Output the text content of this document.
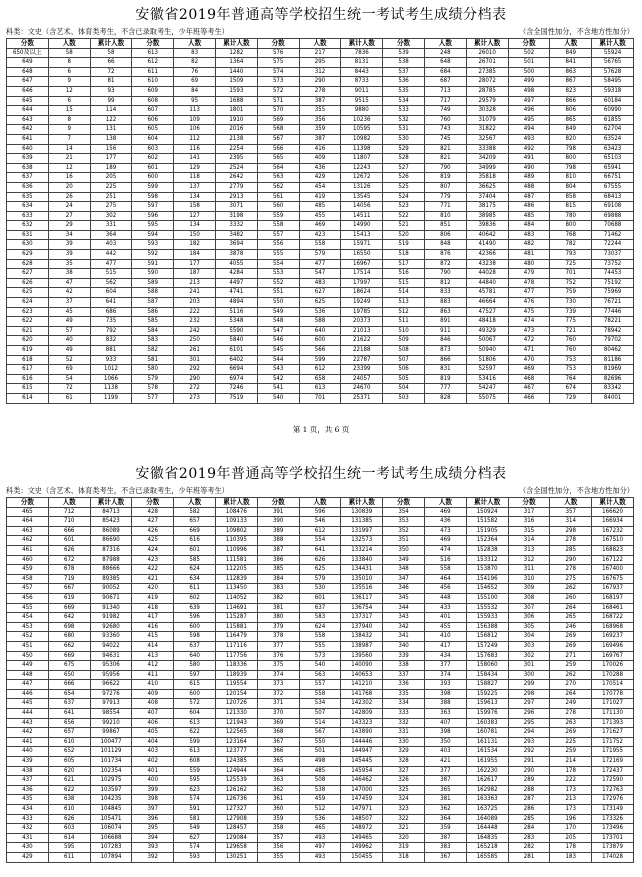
安徽省2019年普通高等学校招生统一考试考生成绩分档表
科类：文史（含艺术、体育类考生，不含已录取考生，少年班等考生）	（含全国性加分，不含地方性加分）
分数	人数	累计人数	分数	人数	累计人数	分数	人数	累计人数	分数	人数	累计人数	分数	人数	累计人数
650及以上	58	58	613	83	1282	576	217	7836	539	248	26010	502	849	55924
649	8	66	612	82	1364	575	295	8131	538	648	26701	501	841	56765
648	6	72	611	76	1440	574	312	8443	537	684	27385	500	863	57628
647	9	81	610	69	1509	573	290	8733	536	687	28072	499	867	58495
646	12	93	609	84	1593	572	278	9011	535	713	28785	498	823	59318
645	6	99	608	95	1688	571	387	9515	534	717	29579	497	866	60184
644	15	114	607	113	1801	570	355	9880	533	749	30328	496	806	60990
643	8	122	606	109	1910	569	356	10236	532	760	31079	495	865	61855
642	9	131	605	106	2016	568	359	10595	531	743	31822	494	849	62704
641	7	138	604	112	2138	567	387	10982	530	745	32567	493	820	63524
640	14	156	603	116	2254	566	416	11398	529	821	33388	492	798	63423
639	21	177	602	141	2395	565	409	11807	528	821	34209	491	800	65103
638	12	189	601	129	2524	564	436	12243	527	790	34999	490	798	65941
637	16	205	600	118	2642	563	429	12672	526	819	35818	489	810	66751
636	20	225	599	137	2779	562	454	13126	525	807	36625	488	804	67555
635	26	251	598	134	2913	561	419	13545	524	779	37404	487	858	68413
634	24	275	597	158	3071	560	485	14056	523	771	38175	486	815	69108
633	27	302	596	127	3198	559	455	14511	522	810	38985	485	780	69888
632	29	331	595	134	3332	558	469	14990	521	851	39836	484	800	70688
631	34	364	594	150	3482	557	423	15413	520	806	40642	483	768	71462
630	39	403	593	182	3694	556	558	15971	519	848	41490	482	782	72244
629	39	442	592	184	3878	555	579	16550	518	876	42366	481	793	73037
628	35	477	591	177	4055	554	477	16967	517	872	43238	480	725	73752
627	38	515	590	187	4284	553	547	17514	516	790	44028	479	701	74453
626	47	562	589	213	4497	552	483	17997	515	812	44840	478	752	75192
625	42	604	588	241	4741	551	627	18624	514	833	45781	477	759	75969
624	37	641	587	203	4894	550	625	19249	513	883	46664	476	730	76721
623	45	686	586	222	5116	549	536	19785	512	863	47527	475	739	77446
622	49	735	585	232	5348	548	588	20373	511	891	48418	474	775	78221
621	57	792	584	242	5590	547	640	21013	510	911	49329	473	721	78942
620	40	832	583	250	5840	546	600	21622	509	846	50067	472	760	79702
619	49	881	582	261	6101	545	566	22188	508	873	50940	471	760	80462
618	52	933	581	301	6402	544	599	22787	507	866	51806	470	753	81186
617	69	1012	580	292	6694	543	612	23399	506	831	52597	469	753	81969
616	54	1066	579	290	6974	542	658	24057	505	819	53416	468	764	82696
615	72	1138	578	272	7246	541	613	24670	504	777	54247	467	674	83342
614	61	1199	577	273	7519	540	701	25371	503	828	55075	466	729	84001
第 1 页，共 6 页
安徽省2019年普通高等学校招生统一考试考生成绩分档表
科类：文史（含艺术、体育类考生，不含已录取考生，少年班等考生）	（含全国性加分，不含地方性加分）
分数	人数	累计人数	分数	人数	累计人数	分数	人数	累计人数	分数	人数	累计人数	分数	人数	累计人数
465	712	84713	428	582	108476	391	596	130839	354	469	150924	317	357	166620
464	710	85423	427	657	109133	390	546	131385	353	436	151582	316	314	166934
463	666	86089	426	669	109802	389	612	131997	352	473	151905	315	298	167232
462	601	86690	425	616	110395	388	554	132573	351	469	152364	314	278	167510
461	626	87316	424	601	110996	387	641	133214	350	474	152838	313	285	168823
460	672	87988	423	585	111581	386	626	133840	349	516	153312	312	290	167122
459	678	88666	422	624	112205	385	625	134431	348	558	153870	311	278	167400
458	719	89385	421	634	112839	384	579	135010	347	464	154196	310	275	167675
457	667	90052	420	611	113450	383	530	135516	346	456	154652	309	262	167937
456	619	90671	419	602	114052	382	601	136117	345	448	155100	308	260	168197
455	669	91340	418	639	114691	381	637	136754	344	433	155532	307	264	168461
454	642	91982	417	596	115287	380	583	137317	343	401	155933	306	265	168722
453	698	92680	416	600	115881	379	624	137940	342	455	156388	305	246	168968
452	680	93360	415	598	116479	378	558	138432	341	410	156812	304	269	169237
451	662	94022	414	637	117116	377	555	138987	340	417	157249	303	269	169496
450	669	94631	413	640	117756	376	573	139560	339	434	157683	302	271	169767
449	675	95306	412	580	118336	375	540	140090	338	377	158060	301	259	170026
448	650	95956	411	597	118939	374	563	140653	337	374	158434	300	262	170288
447	666	96622	410	615	119554	373	557	141210	336	393	158827	299	270	170514
446	654	97276	409	600	120154	372	558	141768	335	398	159225	298	264	170778
445	637	97913	408	572	120726	371	534	142302	334	388	159613	297	249	171027
444	641	98554	407	604	121330	370	507	142809	333	363	159976	296	278	171130
443	656	99210	406	613	121943	369	514	143323	332	407	160383	295	263	171393
442	657	99867	405	622	122565	368	567	143890	331	398	160781	294	269	171627
441	610	100477	404	599	123164	367	550	144446	330	350	161131	293	225	171752
440	652	101129	403	613	123777	366	501	144947	329	403	161534	292	259	171955
439	605	101734	402	608	124385	365	498	145445	328	421	161955	291	214	172169
438	620	102354	401	559	124944	364	485	145954	327	377	162230	290	178	172437
437	621	102975	400	595	125539	363	508	146462	326	387	162617	289	222	172590
436	622	103597	399	623	126162	362	538	147000	325	365	162982	288	173	172763
435	638	104235	398	574	126736	361	459	147459	324	381	163363	287	213	172976
434	610	104845	397	591	127327	360	512	147971	323	362	163725	286	173	173149
433	626	105471	396	581	127908	359	536	148507	322	364	164089	285	196	173326
432	603	106074	395	549	128457	358	465	148972	321	359	164448	284	170	173496
431	614	106688	394	627	129084	357	493	149465	320	387	164835	283	205	173701
430	595	107283	393	574	129658	356	497	149962	319	383	165218	282	178	173879
429	611	107894	392	593	130251	355	493	150455	318	367	165585	281	183	174028
